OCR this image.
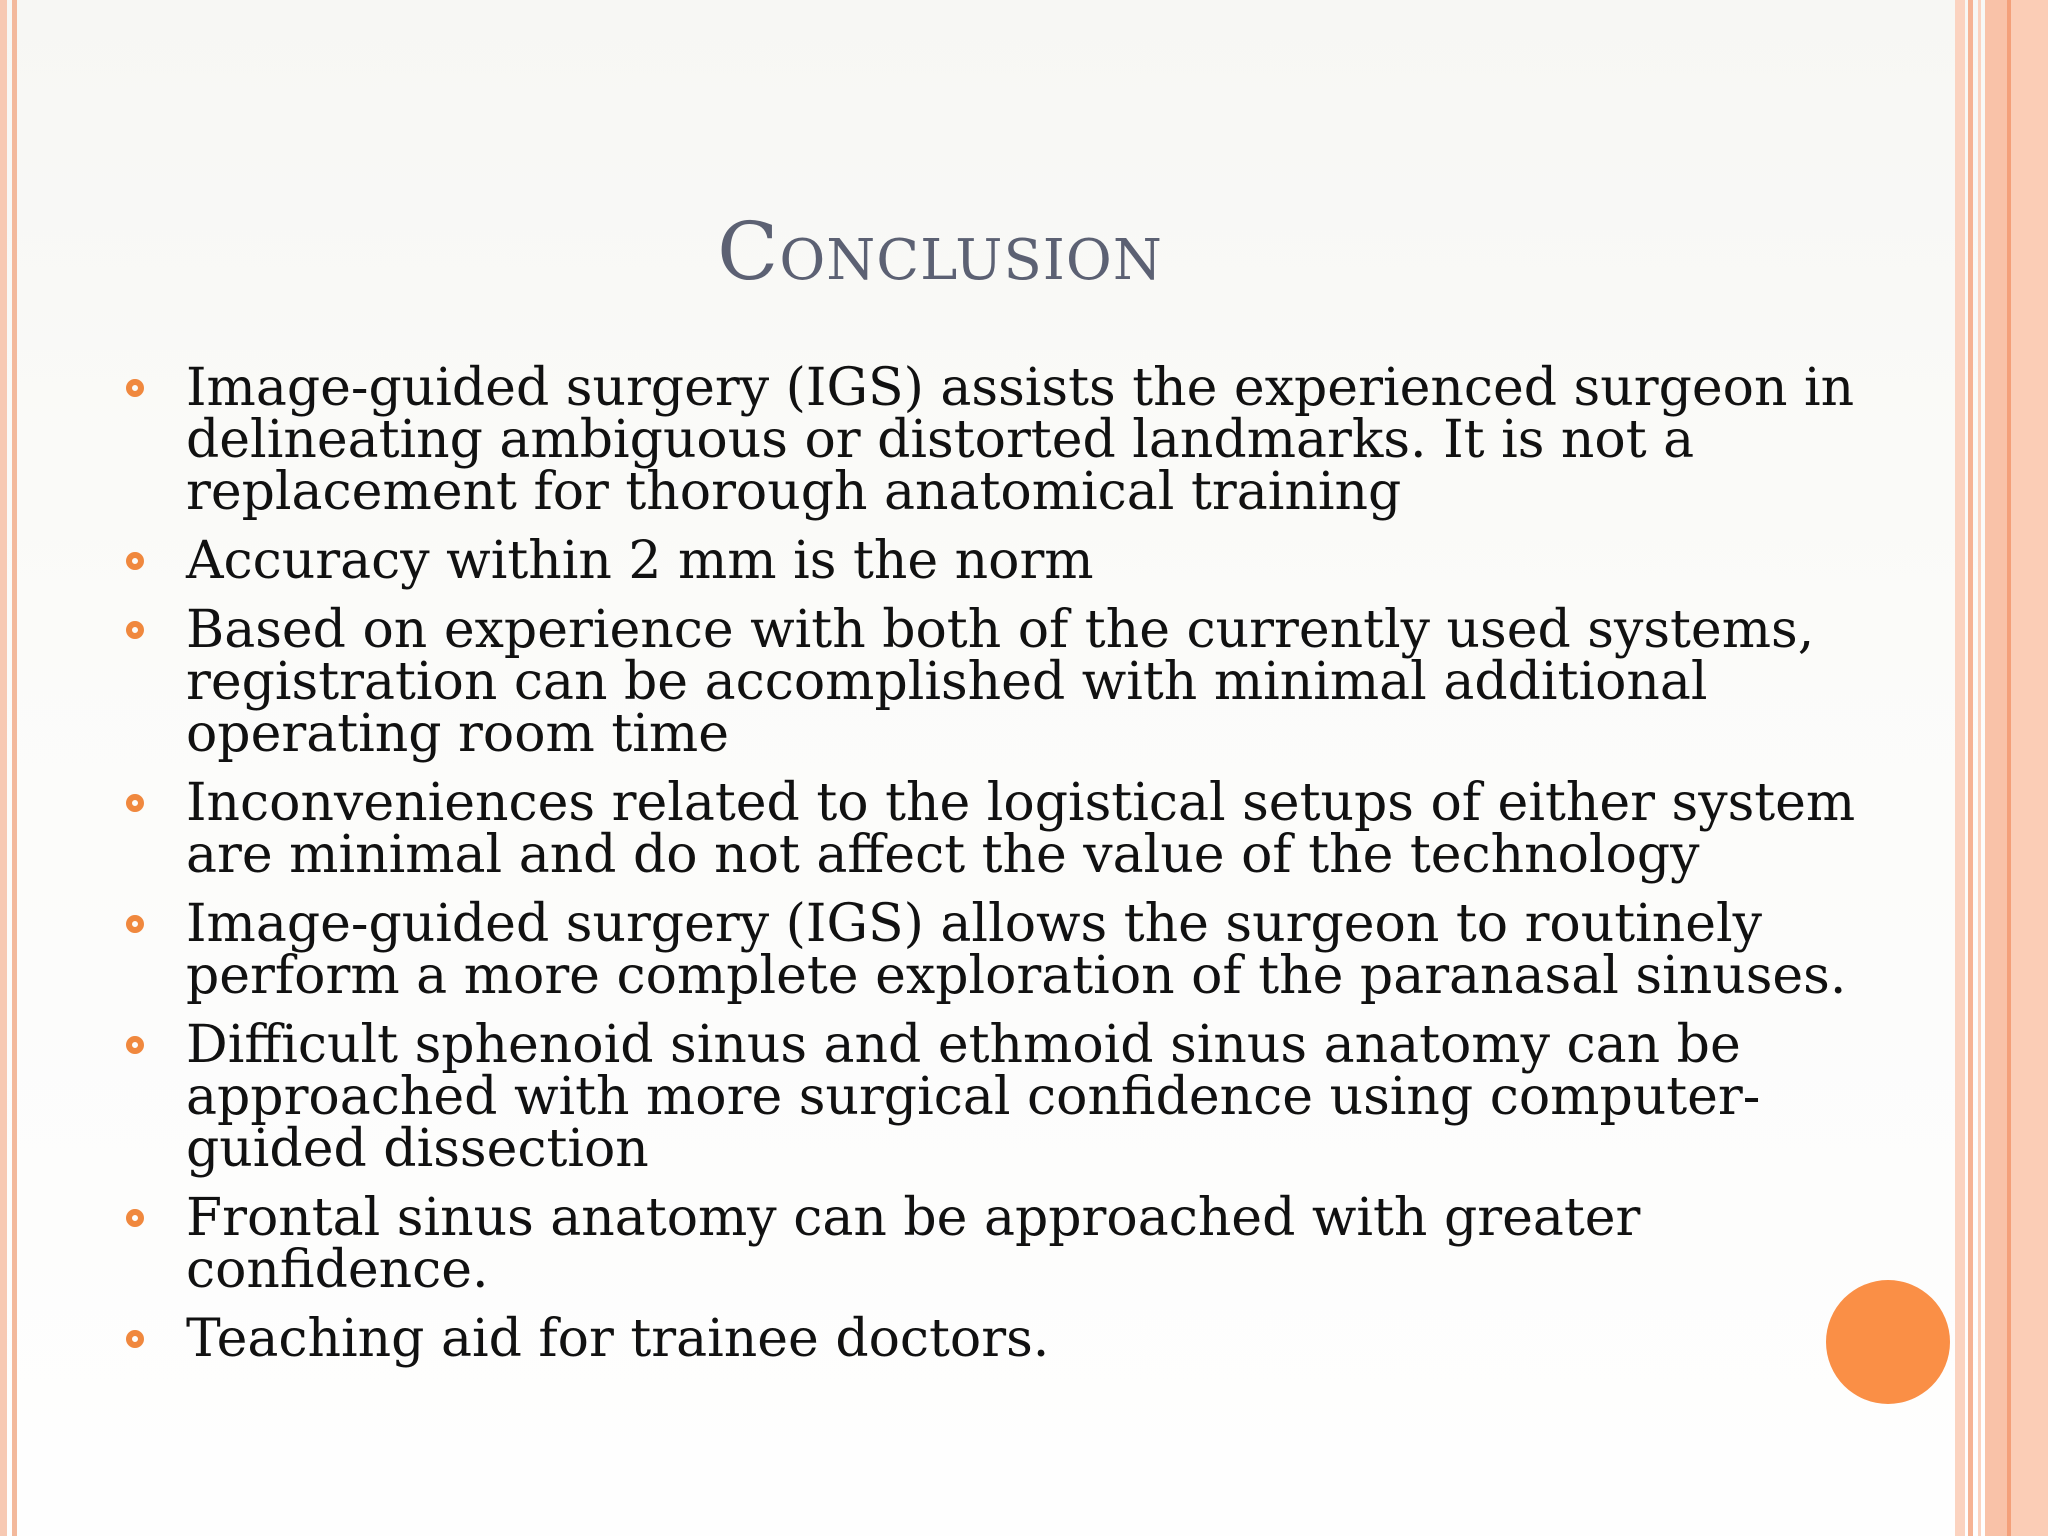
Conclusion
Image-guided surgery (IGS) assists the experienced surgeon in delineating ambiguous or distorted landmarks. It is not a replacement for thorough anatomical training
Accuracy within 2 mm is the norm
Based on experience with both of the currently used systems, registration can be accomplished with minimal additional operating room time
Inconveniences related to the logistical setups of either system are minimal and do not affect the value of the technology
Image-guided surgery (IGS) allows the surgeon to routinely perform a more complete exploration of the paranasal sinuses.
Difficult sphenoid sinus and ethmoid sinus anatomy can be approached with more surgical confidence using computer-guided dissection
Frontal sinus anatomy can be approached with greater confidence.
Teaching aid for trainee doctors.
